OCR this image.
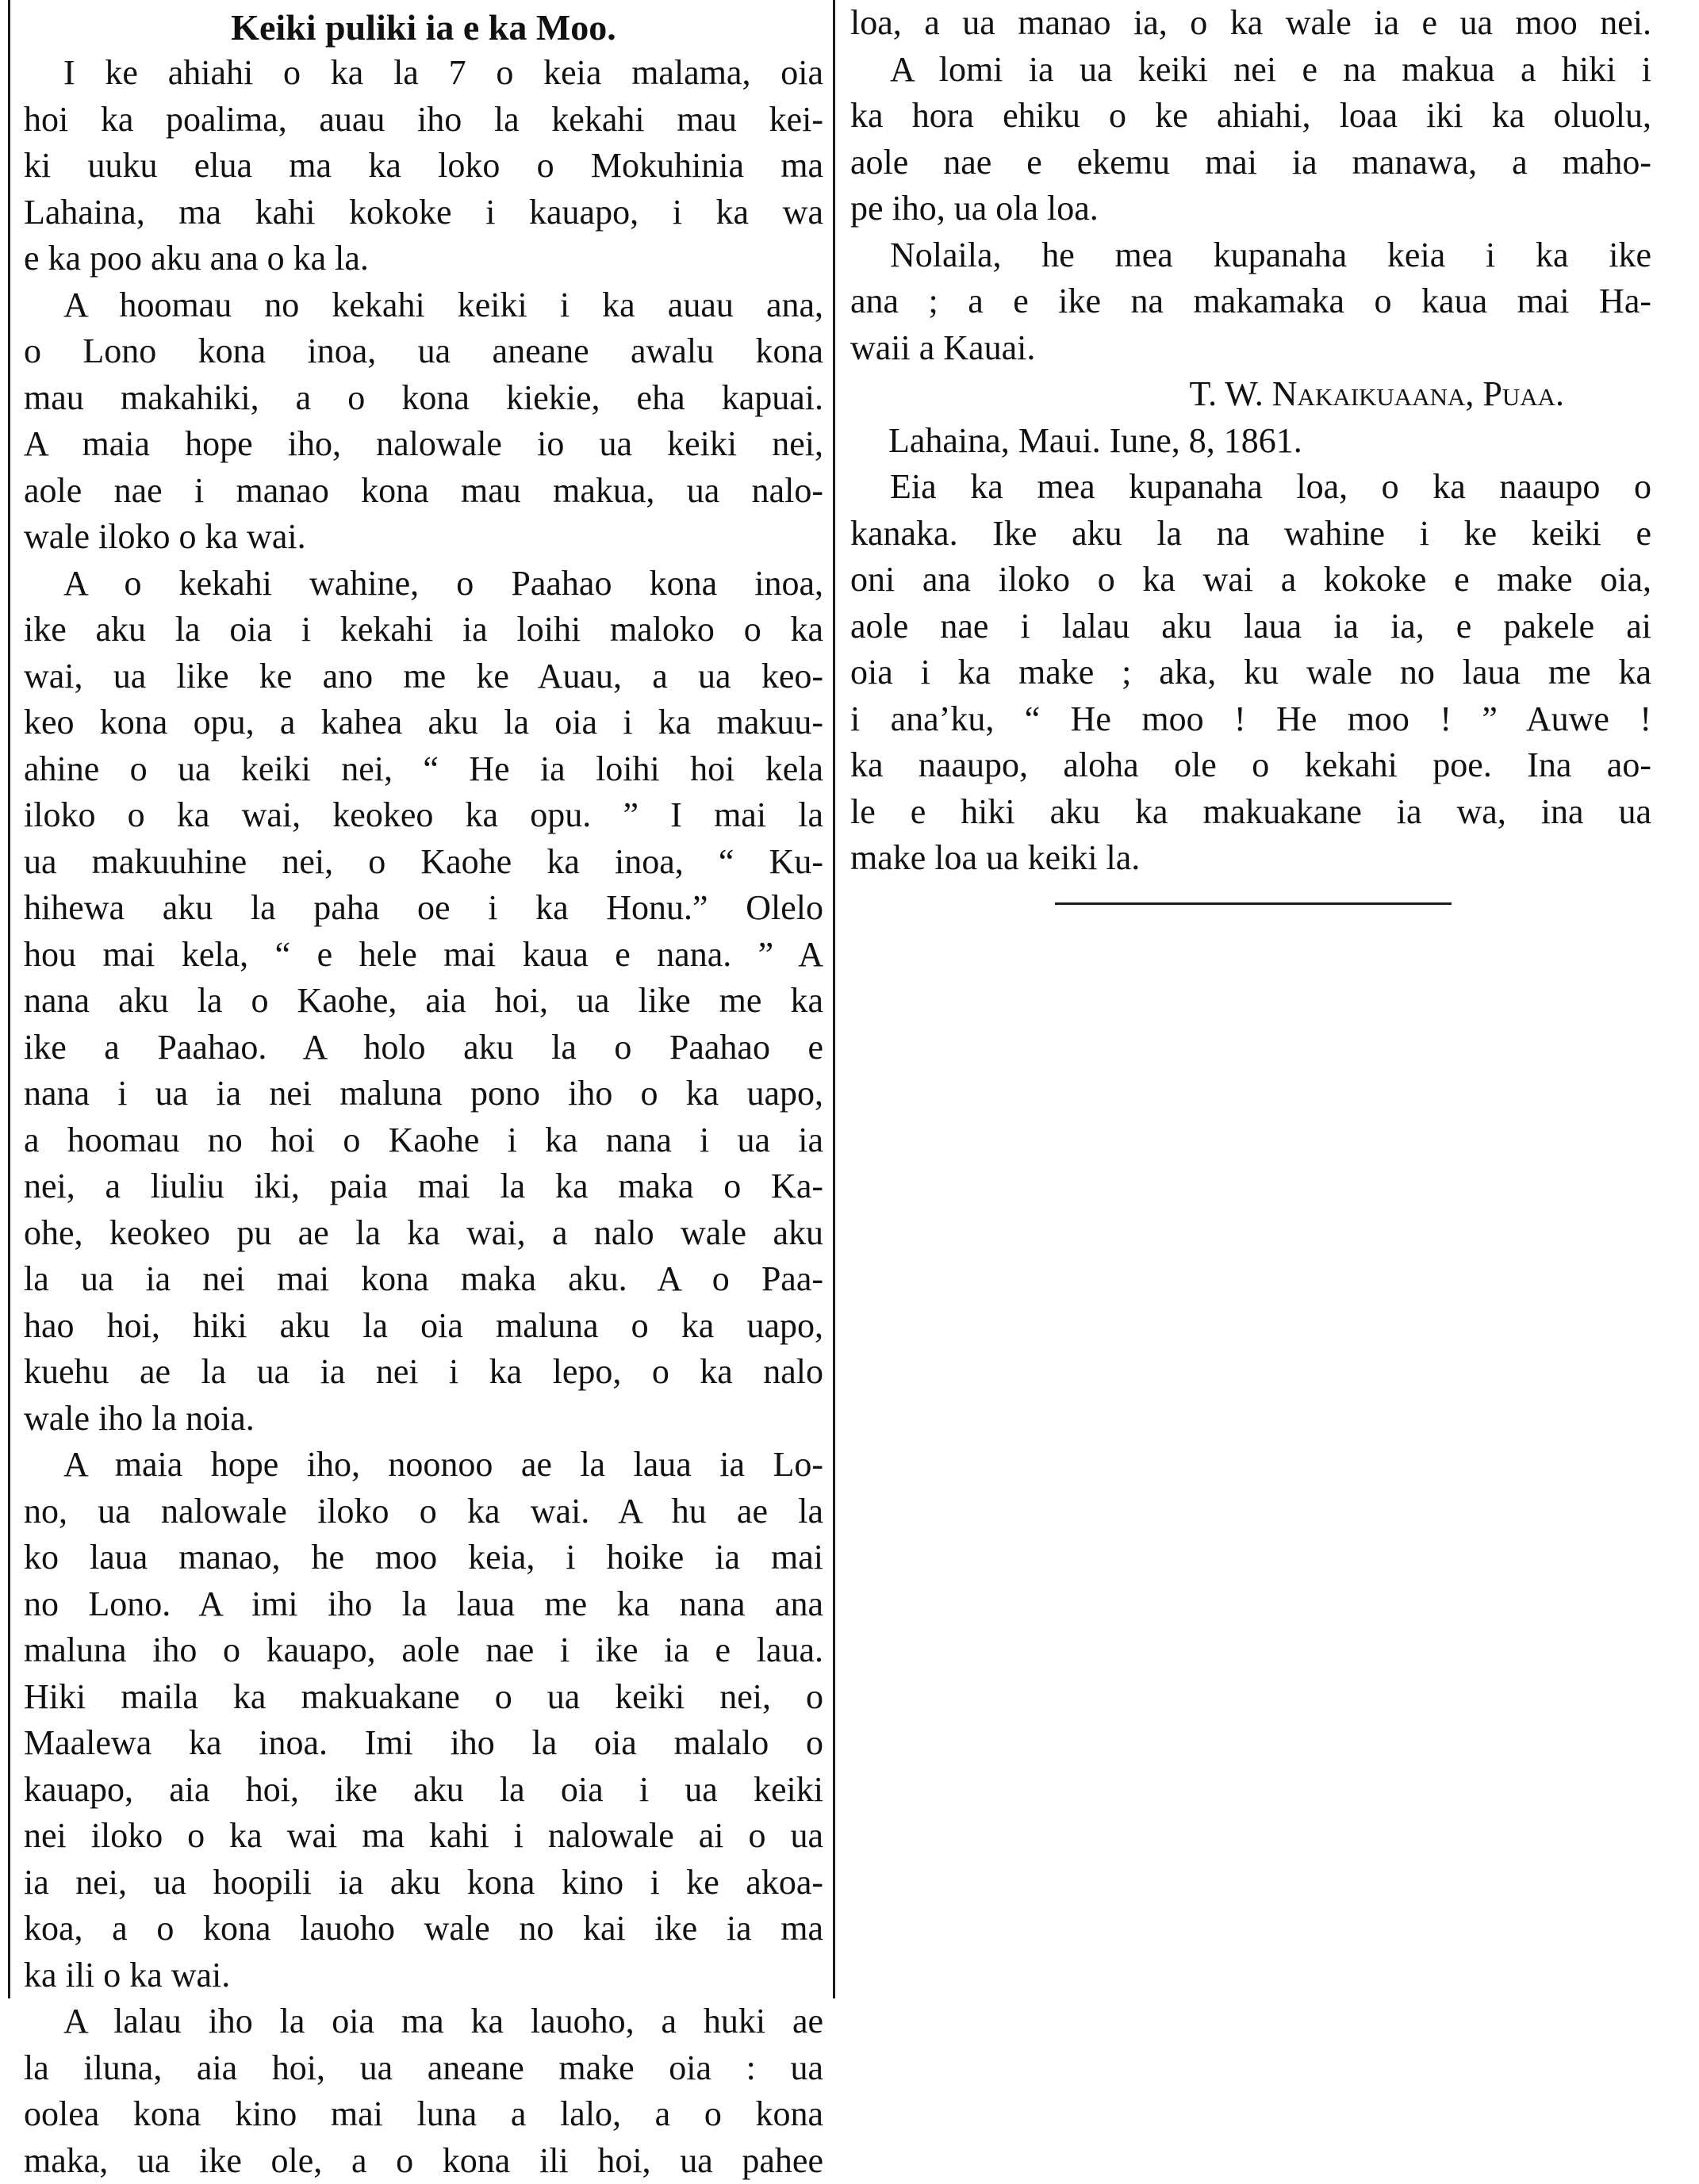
Keiki puliki ia e ka Moo.
I ke ahiahi o ka la 7 o keia malama, oia
hoi ka poalima, auau iho la kekahi mau kei-
ki uuku elua ma ka loko o Mokuhinia ma
Lahaina, ma kahi kokoke i kauapo, i ka wa
e ka poo aku ana o ka la.
A hoomau no kekahi keiki i ka auau ana,
o Lono kona inoa, ua aneane awalu kona
mau makahiki, a o kona kiekie, eha kapuai.
A maia hope iho, nalowale io ua keiki nei,
aole nae i manao kona mau makua, ua nalo-
wale iloko o ka wai.
A o kekahi wahine, o Paahao kona inoa,
ike aku la oia i kekahi ia loihi maloko o ka
wai, ua like ke ano me ke Auau, a ua keo-
keo kona opu, a kahea aku la oia i ka makuu-
ahine o ua keiki nei, “ He ia loihi hoi kela
iloko o ka wai, keokeo ka opu. ” I mai la
ua makuuhine nei, o Kaohe ka inoa, “ Ku-
hihewa aku la paha oe i ka Honu.” Olelo
hou mai kela, “ e hele mai kaua e nana. ” A
nana aku la o Kaohe, aia hoi, ua like me ka
ike a Paahao. A holo aku la o Paahao e
nana i ua ia nei maluna pono iho o ka uapo,
a hoomau no hoi o Kaohe i ka nana i ua ia
nei, a liuliu iki, paia mai la ka maka o Ka-
ohe, keokeo pu ae la ka wai, a nalo wale aku
la ua ia nei mai kona maka aku. A o Paa-
hao hoi, hiki aku la oia maluna o ka uapo,
kuehu ae la ua ia nei i ka lepo, o ka nalo
wale iho la noia.
A maia hope iho, noonoo ae la laua ia Lo-
no, ua nalowale iloko o ka wai. A hu ae la
ko laua manao, he moo keia, i hoike ia mai
no Lono. A imi iho la laua me ka nana ana
maluna iho o kauapo, aole nae i ike ia e laua.
Hiki maila ka makuakane o ua keiki nei, o
Maalewa ka inoa. Imi iho la oia malalo o
kauapo, aia hoi, ike aku la oia i ua keiki
nei iloko o ka wai ma kahi i nalowale ai o ua
ia nei, ua hoopili ia aku kona kino i ke akoa-
koa, a o kona lauoho wale no kai ike ia ma
ka ili o ka wai.
A lalau iho la oia ma ka lauoho, a huki ae
la iluna, aia hoi, ua aneane make oia : ua
oolea kona kino mai luna a lalo, a o kona
maka, ua ike ole, a o kona ili hoi, ua pahee
loa, a ua manao ia, o ka wale ia e ua moo nei.
A lomi ia ua keiki nei e na makua a hiki i
ka hora ehiku o ke ahiahi, loaa iki ka oluolu,
aole nae e ekemu mai ia manawa, a maho-
pe iho, ua ola loa.
Nolaila, he mea kupanaha keia i ka ike
ana ; a e ike na makamaka o kaua mai Ha-
waii a Kauai.
T. W. Nakaikuaana, Puaa.
Lahaina, Maui. Iune, 8, 1861.
Eia ka mea kupanaha loa, o ka naaupo o
kanaka. Ike aku la na wahine i ke keiki e
oni ana iloko o ka wai a kokoke e make oia,
aole nae i lalau aku laua ia ia, e pakele ai
oia i ka make ; aka, ku wale no laua me ka
i ana’ku, “ He moo ! He moo ! ” Auwe !
ka naaupo, aloha ole o kekahi poe. Ina ao-
le e hiki aku ka makuakane ia wa, ina ua
make loa ua keiki la.
